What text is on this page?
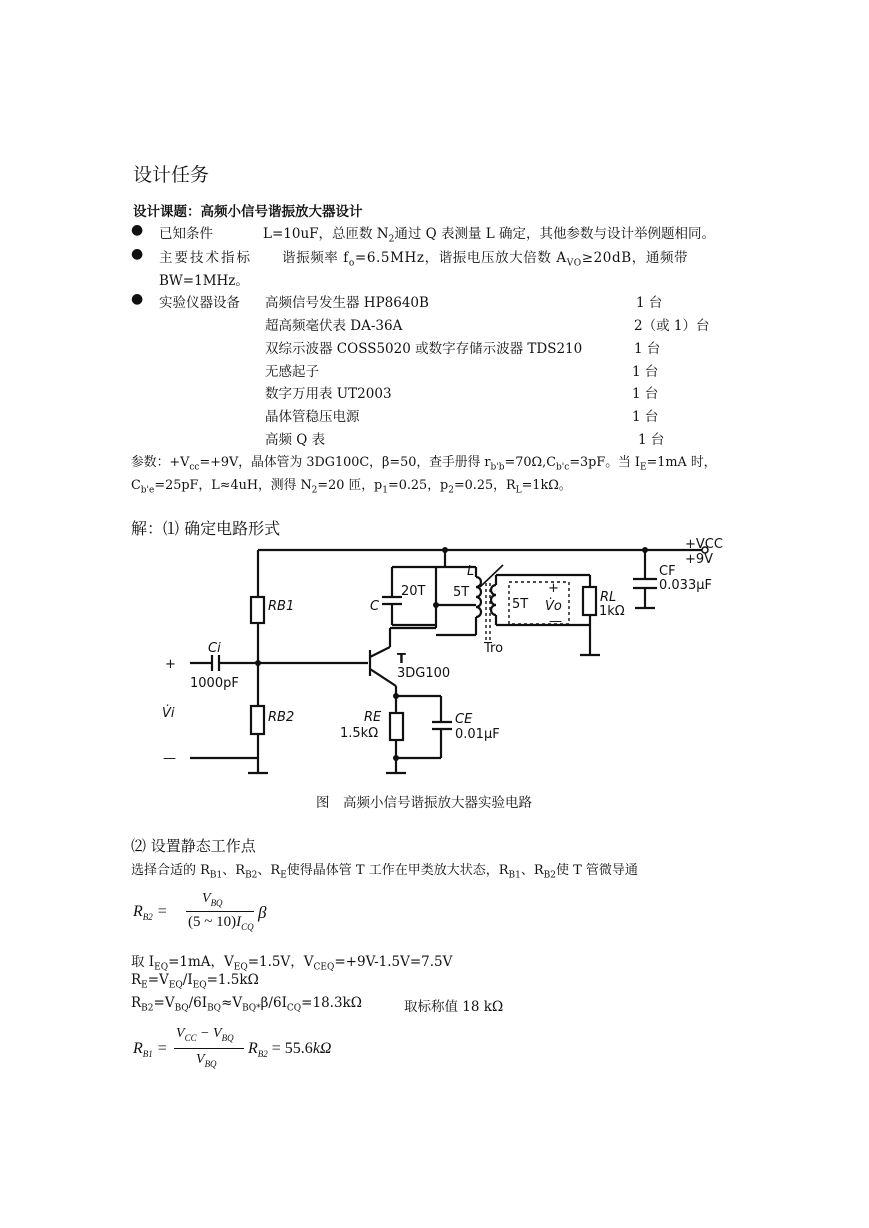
设计任务
设计课题：高频小信号谐振放大器设计
● 已知条件	L=10uF，总匝数 $N_2$通过 Q 表测量 L 确定，其他参数与设计举例题相同。
● 主要技术指标 谐振频率 $f_o=6.5MHz$，谐振电压放大倍数 $A_{VO}\ge 20dB$，通频带
BW=1MHz。
● 实验仪器设备 高频信号发生器 HP8640B	1 台
超高频毫伏表 DA-36A	2（或 1）台
双综示波器 COSS5020 或数字存储示波器 TDS210	1 台
无感起子	1 台
数字万用表 UT2003	1 台
晶体管稳压电源	1 台
高频 Q 表	1 台
参数：$+V_{cc}=+9V$，晶体管为 3DG100C，β=50，查手册得 $r_{b'b}=70\Omega,C_{b'c}=3pF$。当 $I_E=1mA$ 时，
$C_{b'e}=25pF$，L≈4uH，测得 $N_2=20$ 匝，$p_1=0.25$，$p_2=0.25$，$R_L=1k\Omega$。
解：⑴ 确定电路形式
+VCC
+9V
CF
0.033μF
L
20T 5T
5T
C
RB1
RB2
Ci
1000pF
T
3DG100
RE
1.5kΩ
CE
0.01μF
RL
1kΩ
+
V̇o
—
+
V̇i
—
Tro
图　高频小信号谐振放大器实验电路
⑵ 设置静态工作点
选择合适的 $R_{B1}$、$R_{B2}$、$R_E$使得晶体管 T 工作在甲类放大状态，$R_{B1}$、$R_{B2}$使 T 管微导通
$R_{B2}$ =
$V_{BQ}$
(5 ~ $10)I_{CQ}$
β
取 $I_{EQ}=1mA$，$V_{EQ}=1.5V$，$V_{CEQ}=+9V-1.5V=7.5V$
$R_E=V_{EQ}/I_{EQ}=1.5k\Omega$
$R_{B2}=V_{BQ}/6I_{BQ}\approx V_{BQ*}\beta/6I_{CQ}=18.3k\Omega$	取标称值 18 kΩ
$R_{B1}$ =
$V_{CC} - V_{BQ}$
$V_{BQ}$
$R_{B2} = 55.6k\Omega$
